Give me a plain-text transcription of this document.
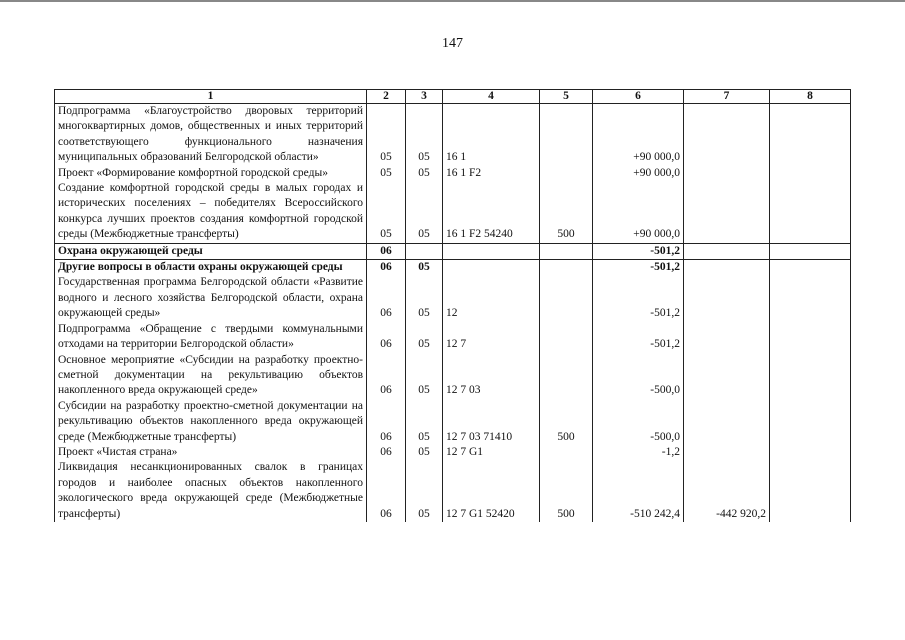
147
1	2	3	4	5	6	7	8
Подпрограмма «Благоустройство дворовых территорий многоквартирных домов, общественных и иных территорий соответствующего функционального назначения муниципальных образований Белгородской области»	05	05	16 1		+90 000,0		
Проект «Формирование комфортной городской среды»	05	05	16 1 F2		+90 000,0		
Создание комфортной городской среды в малых городах и исторических поселениях – победителях Всероссийского конкурса лучших проектов создания комфортной городской среды (Межбюджетные трансферты)	05	05	16 1 F2 54240	500	+90 000,0		
Охрана окружающей среды	06				-501,2		
Другие вопросы в области охраны окружающей среды	06	05			-501,2		
Государственная программа Белгородской области «Развитие водного и лесного хозяйства Белгородской области, охрана окружающей среды»	06	05	12		-501,2		
Подпрограмма «Обращение с твердыми коммунальными отходами на территории Белгородской области»	06	05	12 7		-501,2		
Основное мероприятие «Субсидии на разработку проектно-сметной документации на рекультивацию объектов накопленного вреда окружающей среде»	06	05	12 7 03		-500,0		
Субсидии на разработку проектно-сметной документации на рекультивацию объектов накопленного вреда окружающей среде (Межбюджетные трансферты)	06	05	12 7 03 71410	500	-500,0		
Проект «Чистая страна»	06	05	12 7 G1		-1,2		
Ликвидация несанкционированных свалок в границах городов и наиболее опасных объектов накопленного экологического вреда окружающей среде (Межбюджетные трансферты)	06	05	12 7 G1 52420	500	-510 242,4	-442 920,2	
